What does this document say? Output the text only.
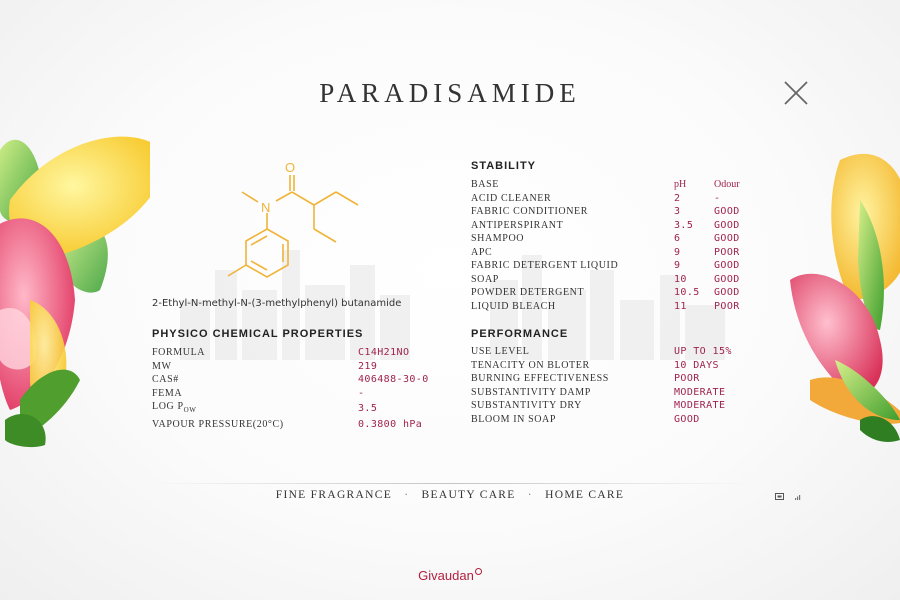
PARADISAMIDE
O
N
2-Ethyl-N-methyl-N-(3-methylphenyl) butanamide
PHYSICO CHEMICAL PROPERTIES
FORMULA	C14H21NO
MW	219
CAS#	406488-30-0
FEMA	-
LOG $P_{OW}$	3.5
VAPOUR PRESSURE(20°C)	0.3800 hPa
STABILITY
BASE	pH	Odour
ACID CLEANER	2	-
FABRIC CONDITIONER	3	GOOD
ANTIPERSPIRANT	3.5	GOOD
SHAMPOO	6	GOOD
APC	9	POOR
FABRIC DETERGENT LIQUID	9	GOOD
SOAP	10	GOOD
POWDER DETERGENT	10.5	GOOD
LIQUID BLEACH	11	POOR
PERFORMANCE
USE LEVEL	UP TO 15%
TENACITY ON BLOTER	10 DAYS
BURNING EFFECTIVENESS	POOR
SUBSTANTIVITY DAMP	MODERATE
SUBSTANTIVITY DRY	MODERATE
BLOOM IN SOAP	GOOD
FINE FRAGRANCE · BEAUTY CARE · HOME CARE
Givaudan
